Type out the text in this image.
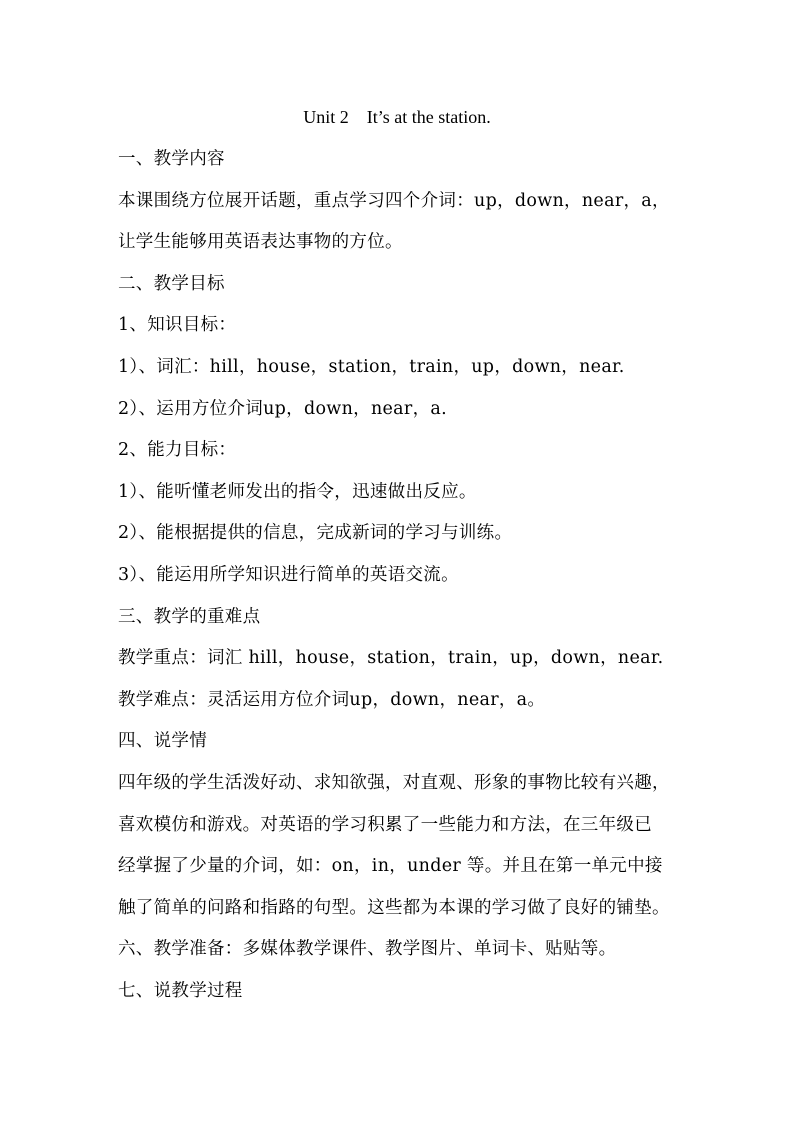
Unit 2    It’s at the station.
一、教学内容
本课围绕方位展开话题，重点学习四个介词：up，down，near，a，
让学生能够用英语表达事物的方位。
二、教学目标
1、知识目标：
1）、词汇：hill，house，station，train，up，down，near.
2）、运用方位介词up，down，near，a.
2、能力目标：
1）、能听懂老师发出的指令，迅速做出反应。
2）、能根据提供的信息，完成新词的学习与训练。
3）、能运用所学知识进行简单的英语交流。
三、教学的重难点
教学重点：词汇 hill，house，station，train，up，down，near.
教学难点：灵活运用方位介词up，down，near，a。
四、说学情
四年级的学生活泼好动、求知欲强，对直观、形象的事物比较有兴趣，
喜欢模仿和游戏。对英语的学习积累了一些能力和方法，在三年级已
经掌握了少量的介词，如：on，in，under 等。并且在第一单元中接
触了简单的问路和指路的句型。这些都为本课的学习做了良好的铺垫。
六、教学准备：多媒体教学课件、教学图片、单词卡、贴贴等。
七、说教学过程
